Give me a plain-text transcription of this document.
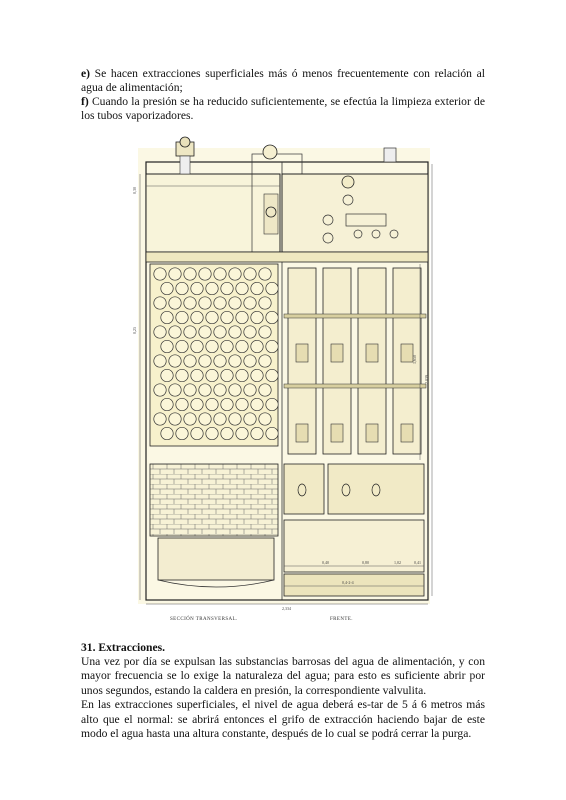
e) Se hacen extracciones superficiales más ó menos frecuentemente con relación al agua de alimentación;
f) Cuando la presión se ha reducido suficientemente, se efectúa la limpieza exterior de los tubos vaporizadores.
0,30
0,25
2,039
1,650
0,40	0,80	1,02	0,41
0,4-2-4
2,334
SECCIÓN TRANSVERSAL.	FRENTE.
31. Extracciones.

Una vez por día se expulsan las substancias barrosas del agua de alimentación, y con mayor frecuencia se lo exige la naturaleza del agua; para esto es suficiente abrir por unos segundos, estando la caldera en presión, la correspondiente valvulita.

En las extracciones superficiales, el nivel de agua deberá es-tar de 5 á 6 metros más alto que el normal: se abrirá entonces el grifo de extracción haciendo bajar de este modo el agua hasta una altura constante, después de lo cual se podrá cerrar la purga.
